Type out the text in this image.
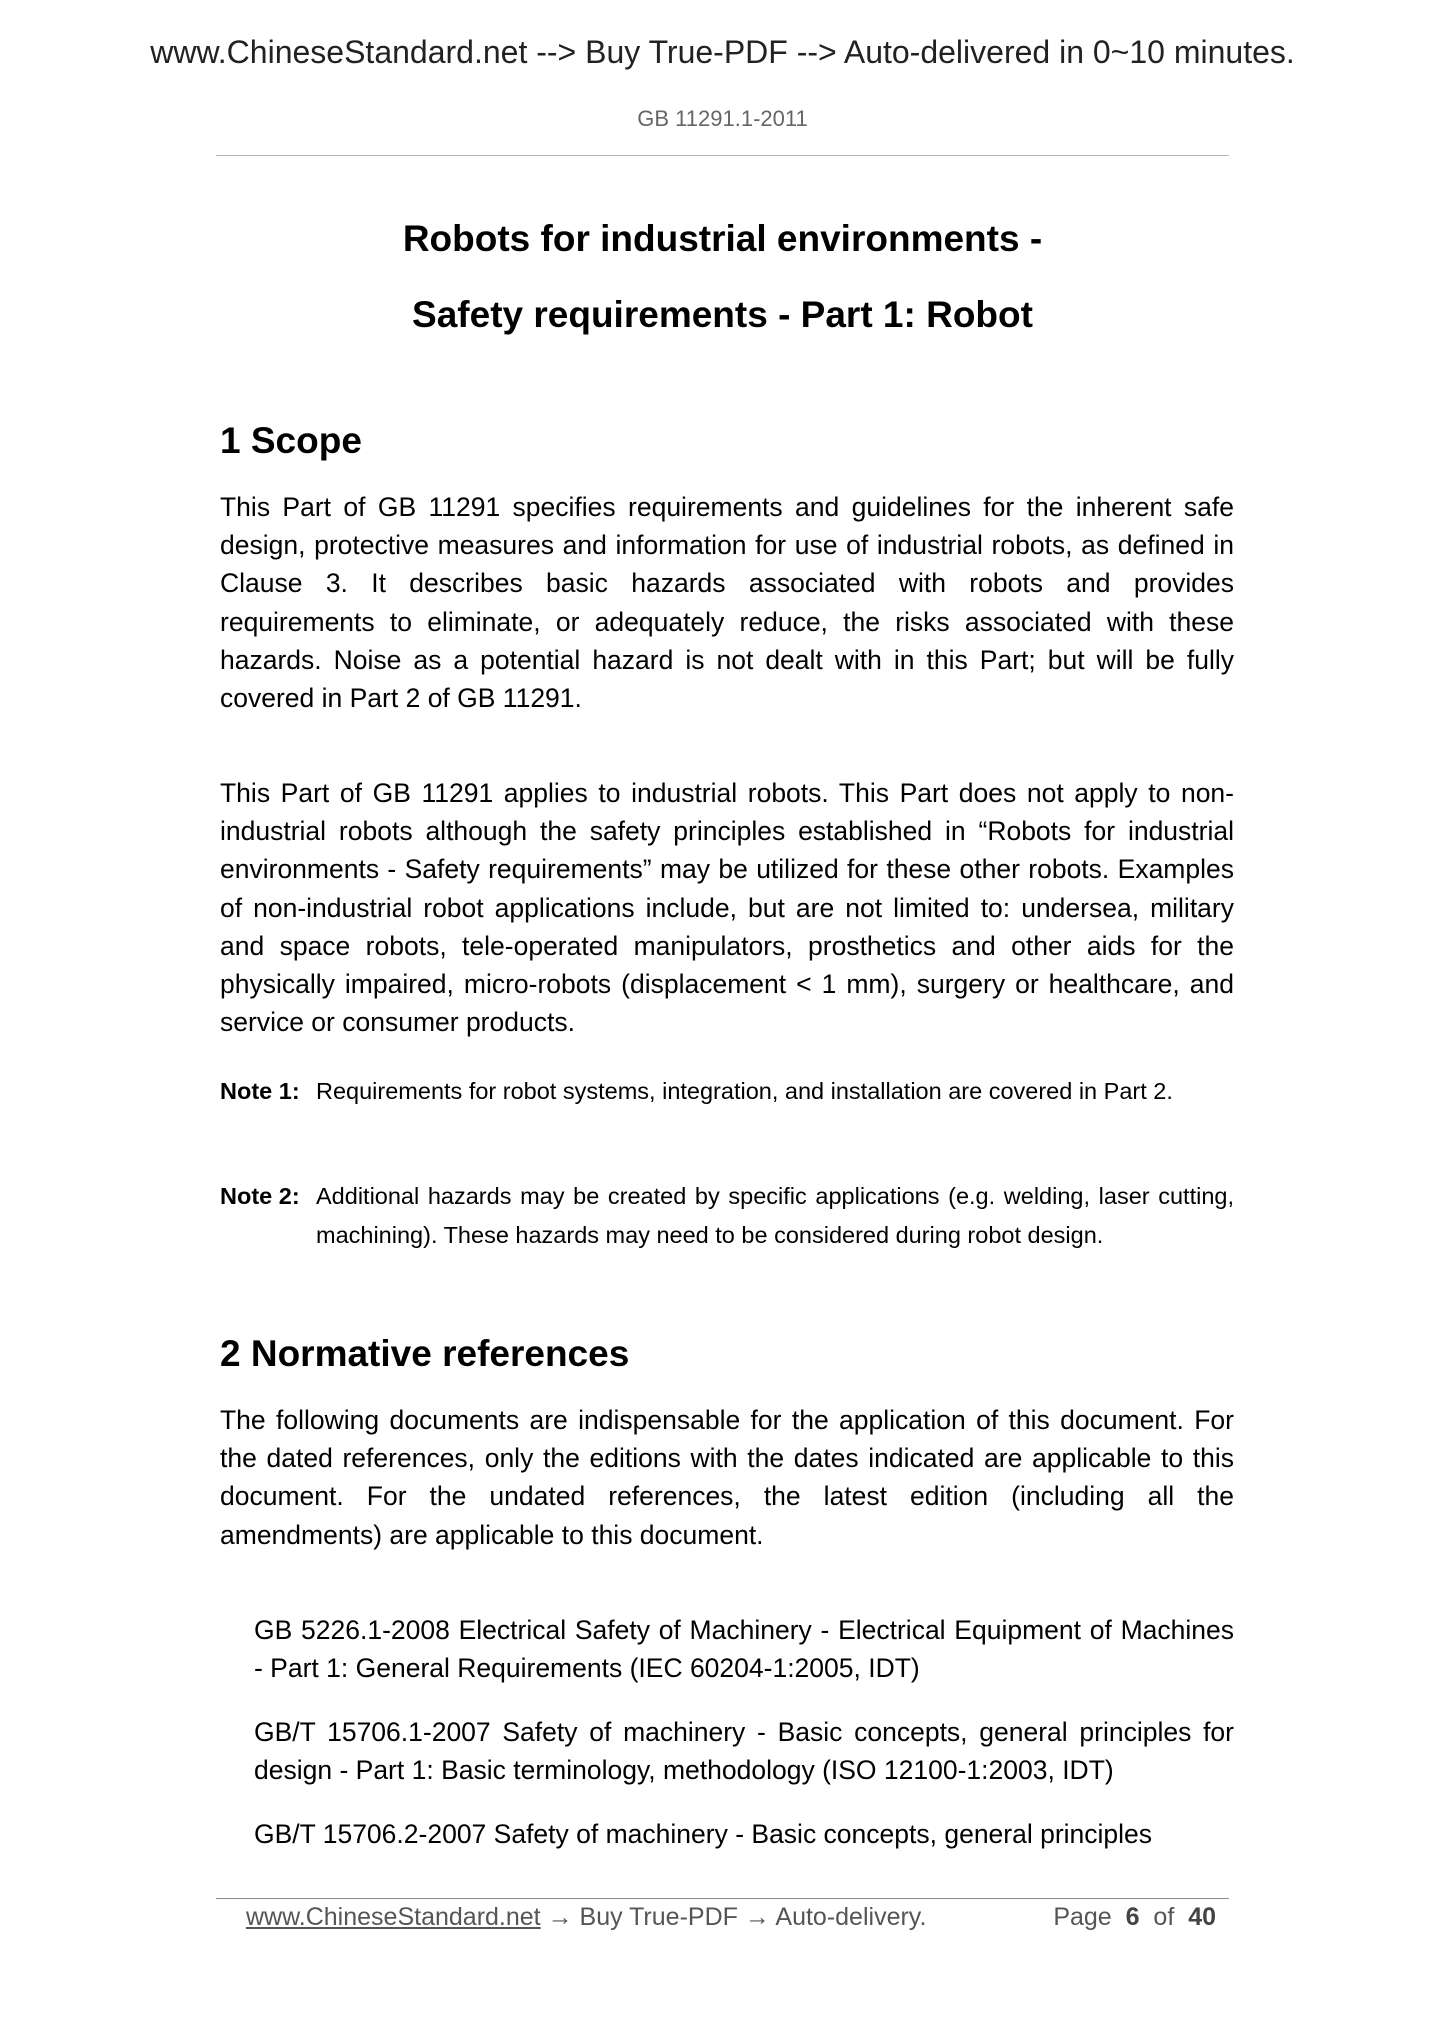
www.ChineseStandard.net --> Buy True-PDF --> Auto-delivered in 0~10 minutes.
GB 11291.1-2011
Robots for industrial environments -
Safety requirements - Part 1: Robot
1 Scope
This Part of GB 11291 specifies requirements and guidelines for the inherent safe design, protective measures and information for use of industrial robots, as defined in Clause 3. It describes basic hazards associated with robots and provides requirements to eliminate, or adequately reduce, the risks associated with these hazards. Noise as a potential hazard is not dealt with in this Part; but will be fully covered in Part 2 of GB 11291.
This Part of GB 11291 applies to industrial robots. This Part does not apply to non-industrial robots although the safety principles established in “Robots for industrial environments - Safety requirements” may be utilized for these other robots. Examples of non-industrial robot applications include, but are not limited to: undersea, military and space robots, tele-operated manipulators, prosthetics and other aids for the physically impaired, micro-robots (displacement < 1 mm), surgery or healthcare, and service or consumer products.
Note 1: Requirements for robot systems, integration, and installation are covered in Part 2.
Note 2: Additional hazards may be created by specific applications (e.g. welding, laser cutting, machining). These hazards may need to be considered during robot design.
2 Normative references
The following documents are indispensable for the application of this document. For the dated references, only the editions with the dates indicated are applicable to this document. For the undated references, the latest edition (including all the amendments) are applicable to this document.
GB 5226.1-2008 Electrical Safety of Machinery - Electrical Equipment of Machines - Part 1: General Requirements (IEC 60204-1:2005, IDT)
GB/T 15706.1-2007 Safety of machinery - Basic concepts, general principles for design - Part 1: Basic terminology, methodology (ISO 12100-1:2003, IDT)
GB/T 15706.2-2007 Safety of machinery - Basic concepts, general principles
www.ChineseStandard.net → Buy True-PDF → Auto-delivery.	Page 6 of 40
